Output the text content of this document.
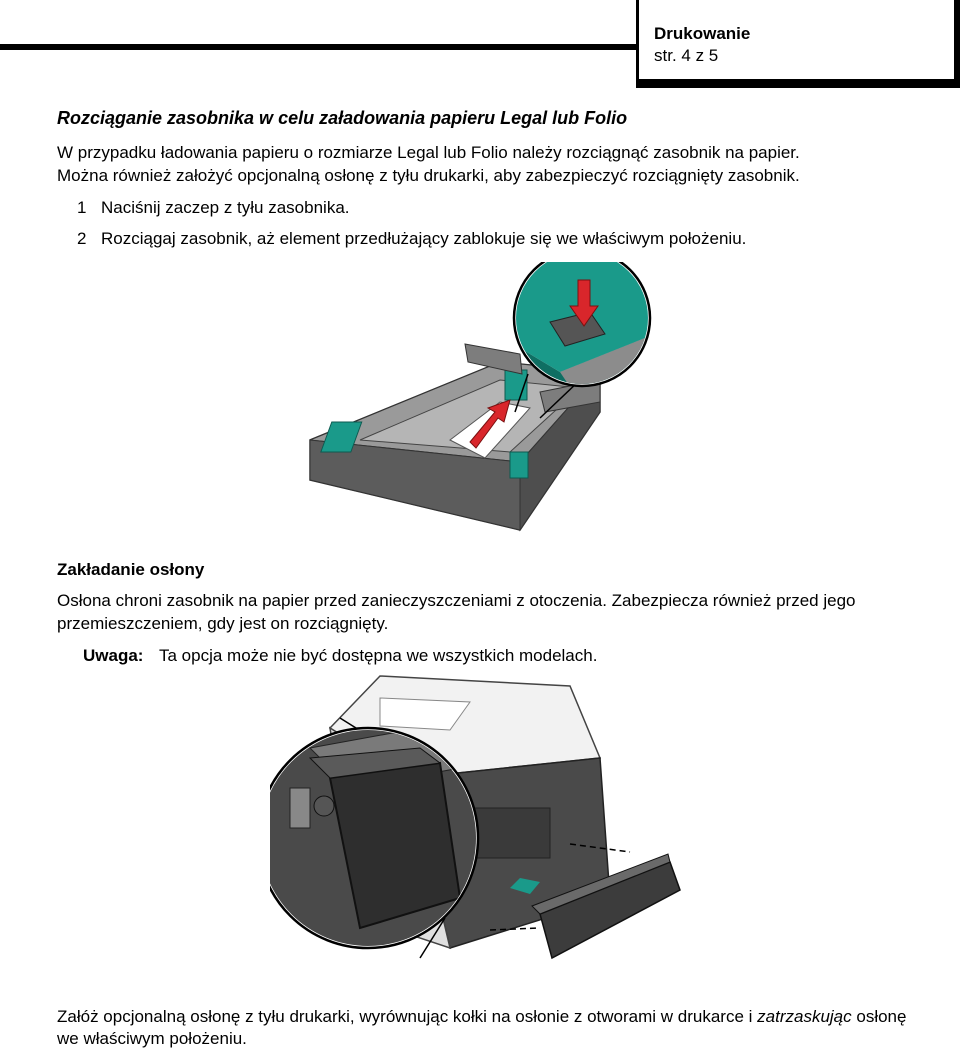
Drukowanie
str. 4 z 5
Rozciąganie zasobnika w celu załadowania papieru Legal lub Folio
W przypadku ładowania papieru o rozmiarze Legal lub Folio należy rozciągnąć zasobnik na papier.
Można również założyć opcjonalną osłonę z tyłu drukarki, aby zabezpieczyć rozciągnięty zasobnik.
1 Naciśnij zaczep z tyłu zasobnika.
2 Rozciągaj zasobnik, aż element przedłużający zablokuje się we właściwym położeniu.
Zakładanie osłony
Osłona chroni zasobnik na papier przed zanieczyszczeniami z otoczenia. Zabezpiecza również przed jego
przemieszczeniem, gdy jest on rozciągnięty.
Uwaga: Ta opcja może nie być dostępna we wszystkich modelach.
Załóż opcjonalną osłonę z tyłu drukarki, wyrównując kołki na osłonie z otworami w drukarce i zatrzaskując osłonę
we właściwym położeniu.
